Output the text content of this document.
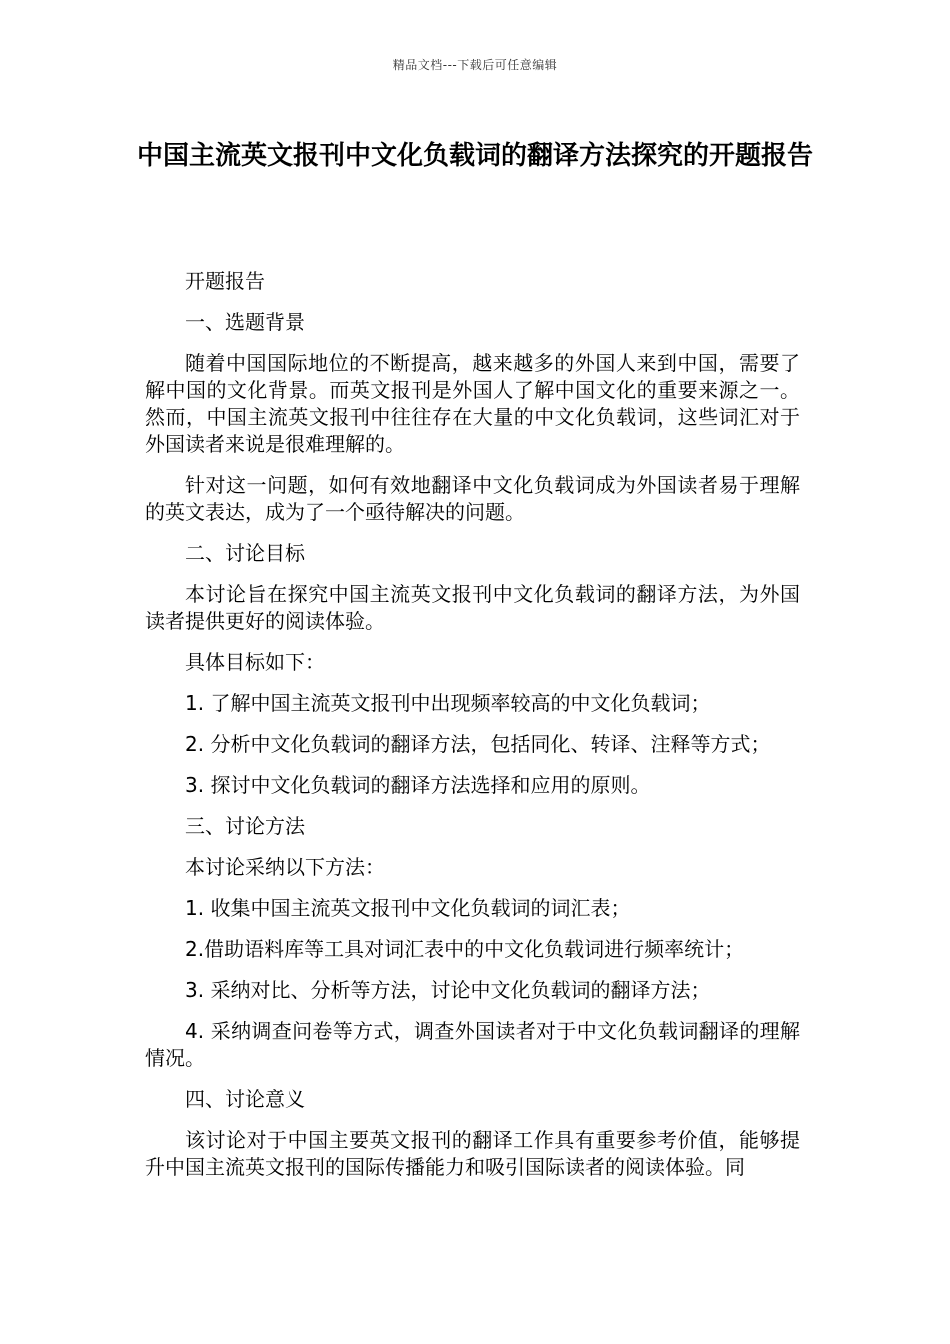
精品文档---下载后可任意编辑
中国主流英文报刊中文化负载词的翻译方法探究的开题报告

开题报告

一、选题背景

随着中国国际地位的不断提高，越来越多的外国人来到中国，需要了解中国的文化背景。而英文报刊是外国人了解中国文化的重要来源之一。然而，中国主流英文报刊中往往存在大量的中文化负载词，这些词汇对于外国读者来说是很难理解的。

针对这一问题，如何有效地翻译中文化负载词成为外国读者易于理解的英文表达，成为了一个亟待解决的问题。

二、讨论目标

本讨论旨在探究中国主流英文报刊中文化负载词的翻译方法，为外国读者提供更好的阅读体验。

具体目标如下：

1. 了解中国主流英文报刊中出现频率较高的中文化负载词；

2. 分析中文化负载词的翻译方法，包括同化、转译、注释等方式；

3. 探讨中文化负载词的翻译方法选择和应用的原则。

三、讨论方法

本讨论采纳以下方法：

1. 收集中国主流英文报刊中文化负载词的词汇表；

2.借助语料库等工具对词汇表中的中文化负载词进行频率统计；

3. 采纳对比、分析等方法，讨论中文化负载词的翻译方法；

4. 采纳调查问卷等方式，调查外国读者对于中文化负载词翻译的理解情况。

四、讨论意义

该讨论对于中国主要英文报刊的翻译工作具有重要参考价值，能够提升中国主流英文报刊的国际传播能力和吸引国际读者的阅读体验。同
